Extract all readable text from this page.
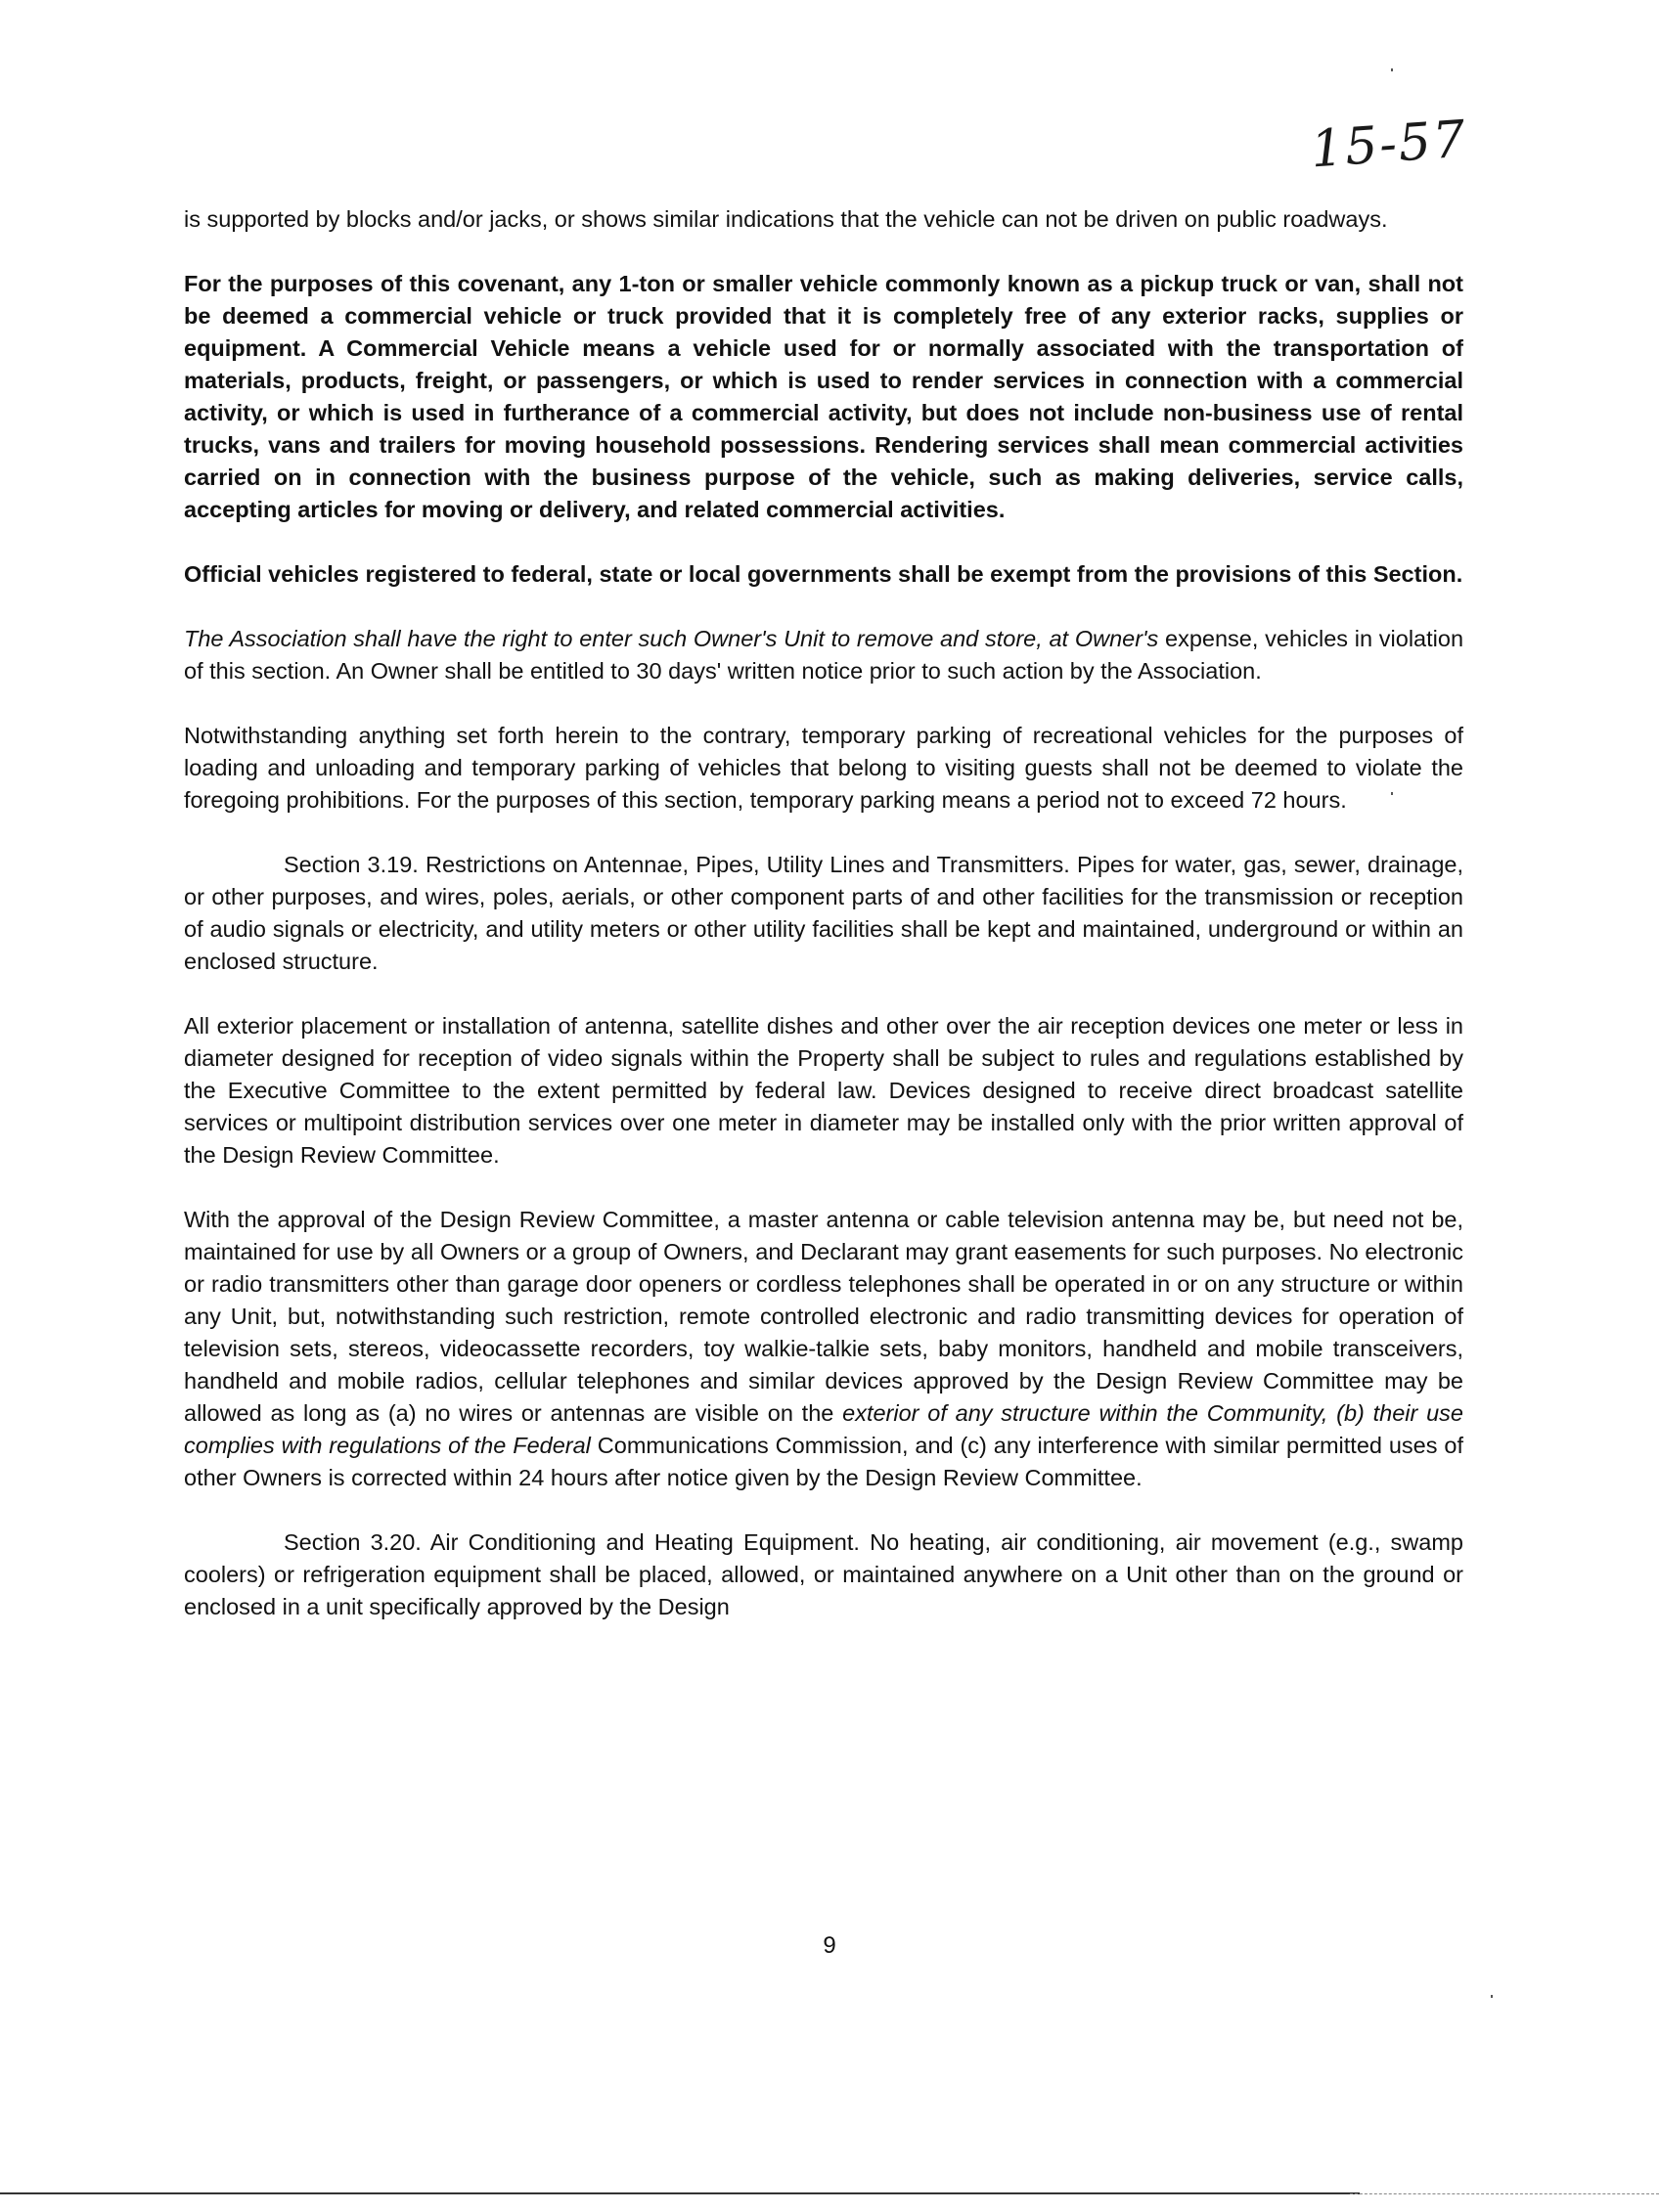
15-57

is supported by blocks and/or jacks, or shows similar indications that the vehicle can not be driven on public roadways.

For the purposes of this covenant, any 1-ton or smaller vehicle commonly known as a pickup truck or van, shall not be deemed a commercial vehicle or truck provided that it is completely free of any exterior racks, supplies or equipment. A Commercial Vehicle means a vehicle used for or normally associated with the transportation of materials, products, freight, or passengers, or which is used to render services in connection with a commercial activity, or which is used in furtherance of a commercial activity, but does not include non-business use of rental trucks, vans and trailers for moving household possessions. Rendering services shall mean commercial activities carried on in connection with the business purpose of the vehicle, such as making deliveries, service calls, accepting articles for moving or delivery, and related commercial activities.

Official vehicles registered to federal, state or local governments shall be exempt from the provisions of this Section.

The Association shall have the right to enter such Owner's Unit to remove and store, at Owner's expense, vehicles in violation of this section. An Owner shall be entitled to 30 days' written notice prior to such action by the Association.

Notwithstanding anything set forth herein to the contrary, temporary parking of recreational vehicles for the purposes of loading and unloading and temporary parking of vehicles that belong to visiting guests shall not be deemed to violate the foregoing prohibitions. For the purposes of this section, temporary parking means a period not to exceed 72 hours.

Section 3.19. Restrictions on Antennae, Pipes, Utility Lines and Transmitters. Pipes for water, gas, sewer, drainage, or other purposes, and wires, poles, aerials, or other component parts of and other facilities for the transmission or reception of audio signals or electricity, and utility meters or other utility facilities shall be kept and maintained, underground or within an enclosed structure.

All exterior placement or installation of antenna, satellite dishes and other over the air reception devices one meter or less in diameter designed for reception of video signals within the Property shall be subject to rules and regulations established by the Executive Committee to the extent permitted by federal law. Devices designed to receive direct broadcast satellite services or multipoint distribution services over one meter in diameter may be installed only with the prior written approval of the Design Review Committee.

With the approval of the Design Review Committee, a master antenna or cable television antenna may be, but need not be, maintained for use by all Owners or a group of Owners, and Declarant may grant easements for such purposes. No electronic or radio transmitters other than garage door openers or cordless telephones shall be operated in or on any structure or within any Unit, but, notwithstanding such restriction, remote controlled electronic and radio transmitting devices for operation of television sets, stereos, videocassette recorders, toy walkie-talkie sets, baby monitors, handheld and mobile transceivers, handheld and mobile radios, cellular telephones and similar devices approved by the Design Review Committee may be allowed as long as (a) no wires or antennas are visible on the exterior of any structure within the Community, (b) their use complies with regulations of the Federal Communications Commission, and (c) any interference with similar permitted uses of other Owners is corrected within 24 hours after notice given by the Design Review Committee.

Section 3.20. Air Conditioning and Heating Equipment. No heating, air conditioning, air movement (e.g., swamp coolers) or refrigeration equipment shall be placed, allowed, or maintained anywhere on a Unit other than on the ground or enclosed in a unit specifically approved by the Design

9
